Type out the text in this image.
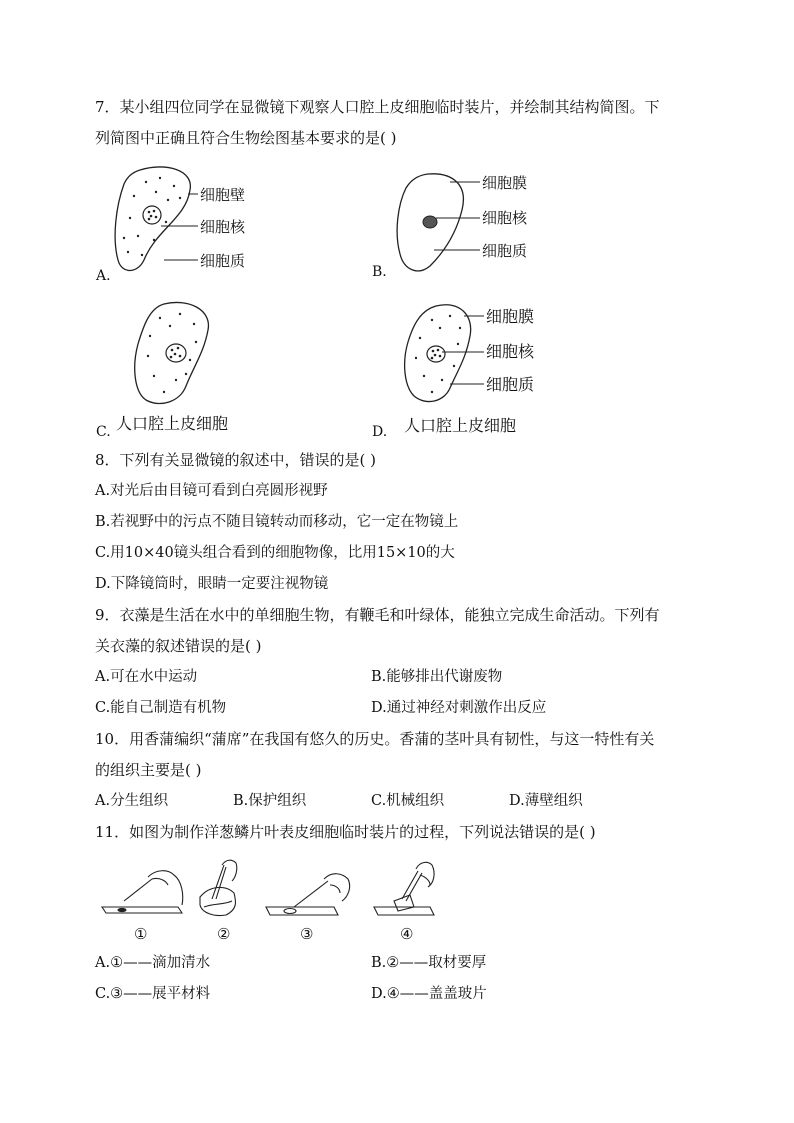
7．某小组四位同学在显微镜下观察人口腔上皮细胞临时装片，并绘制其结构简图。下
列简图中正确且符合生物绘图基本要求的是( )
细胞壁
细胞核
细胞质
A.
细胞膜
细胞核
细胞质
B.
人口腔上皮细胞
C.
细胞膜
细胞核
细胞质
人口腔上皮细胞
D.
8．下列有关显微镜的叙述中，错误的是( )
A.对光后由目镜可看到白亮圆形视野
B.若视野中的污点不随目镜转动而移动，它一定在物镜上
C.用10×40镜头组合看到的细胞物像，比用15×10的大
D.下降镜筒时，眼睛一定要注视物镜
9．衣藻是生活在水中的单细胞生物，有鞭毛和叶绿体，能独立完成生命活动。下列有
关衣藻的叙述错误的是( )
A.可在水中运动	B.能够排出代谢废物
C.能自己制造有机物	D.通过神经对刺激作出反应
10．用香蒲编织“蒲席”在我国有悠久的历史。香蒲的茎叶具有韧性，与这一特性有关
的组织主要是( )
A.分生组织	B.保护组织	C.机械组织	D.薄壁组织
11．如图为制作洋葱鳞片叶表皮细胞临时装片的过程，下列说法错误的是( )
①	②	③	④
A.①——滴加清水	B.②——取材要厚
C.③——展平材料	D.④——盖盖玻片
